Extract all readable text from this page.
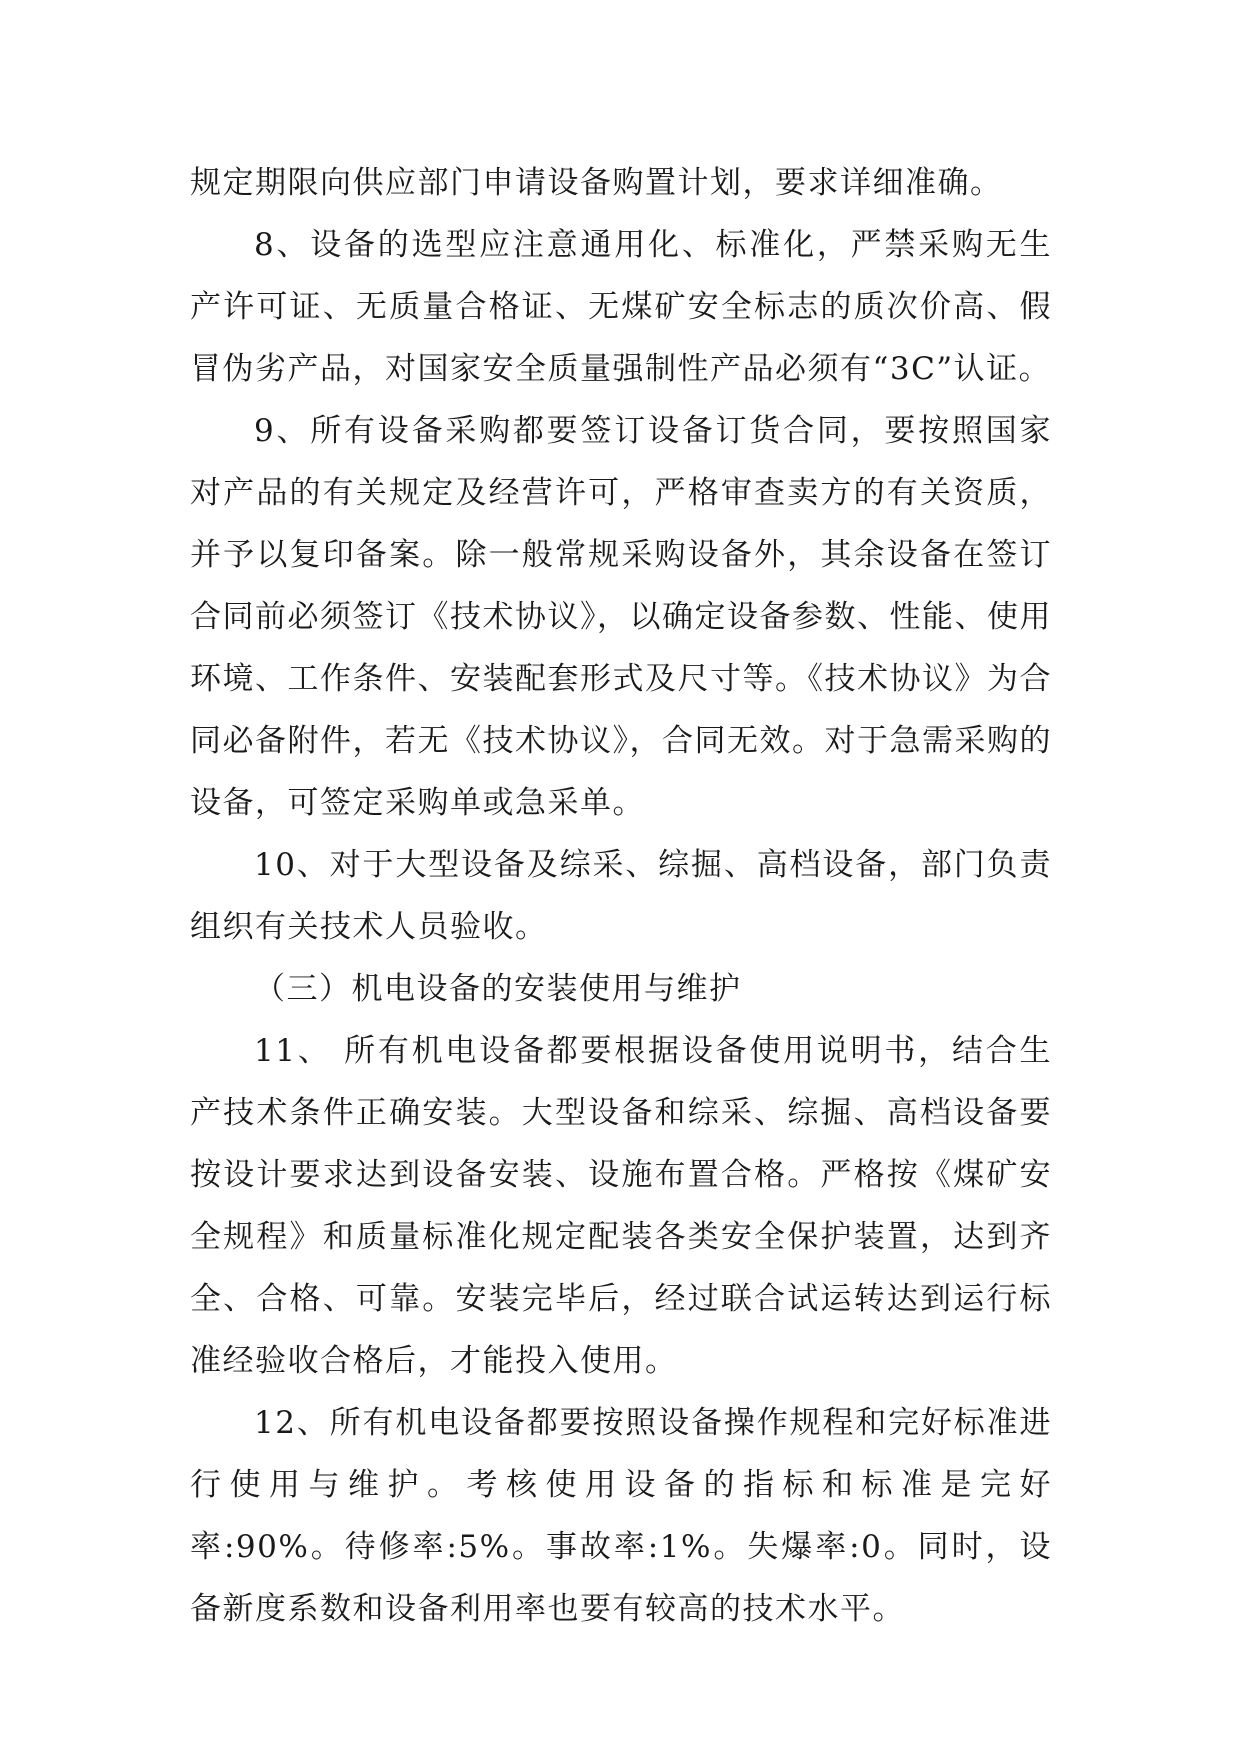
规定期限向供应部门申请设备购置计划，要求详细准确。

8、设备的选型应注意通用化、标准化，严禁采购无生产许可证、无质量合格证、无煤矿安全标志的质次价高、假冒伪劣产品，对国家安全质量强制性产品必须有“3C”认证。

9、所有设备采购都要签订设备订货合同，要按照国家对产品的有关规定及经营许可，严格审查卖方的有关资质，并予以复印备案。除一般常规采购设备外，其余设备在签订合同前必须签订《技术协议》，以确定设备参数、性能、使用环境、工作条件、安装配套形式及尺寸等。《技术协议》为合同必备附件，若无《技术协议》，合同无效。对于急需采购的设备，可签定采购单或急采单。

10、对于大型设备及综采、综掘、高档设备，部门负责组织有关技术人员验收。

（三）机电设备的安装使用与维护

11、 所有机电设备都要根据设备使用说明书，结合生产技术条件正确安装。大型设备和综采、综掘、高档设备要按设计要求达到设备安装、设施布置合格。严格按《煤矿安全规程》和质量标准化规定配装各类安全保护装置，达到齐全、合格、可靠。安装完毕后，经过联合试运转达到运行标准经验收合格后，才能投入使用。

12、所有机电设备都要按照设备操作规程和完好标准进行使用与维护。考核使用设备的指标和标准是完好率:90%。待修率:5%。事故率:1%。失爆率:0。同时，设备新度系数和设备利用率也要有较高的技术水平。
